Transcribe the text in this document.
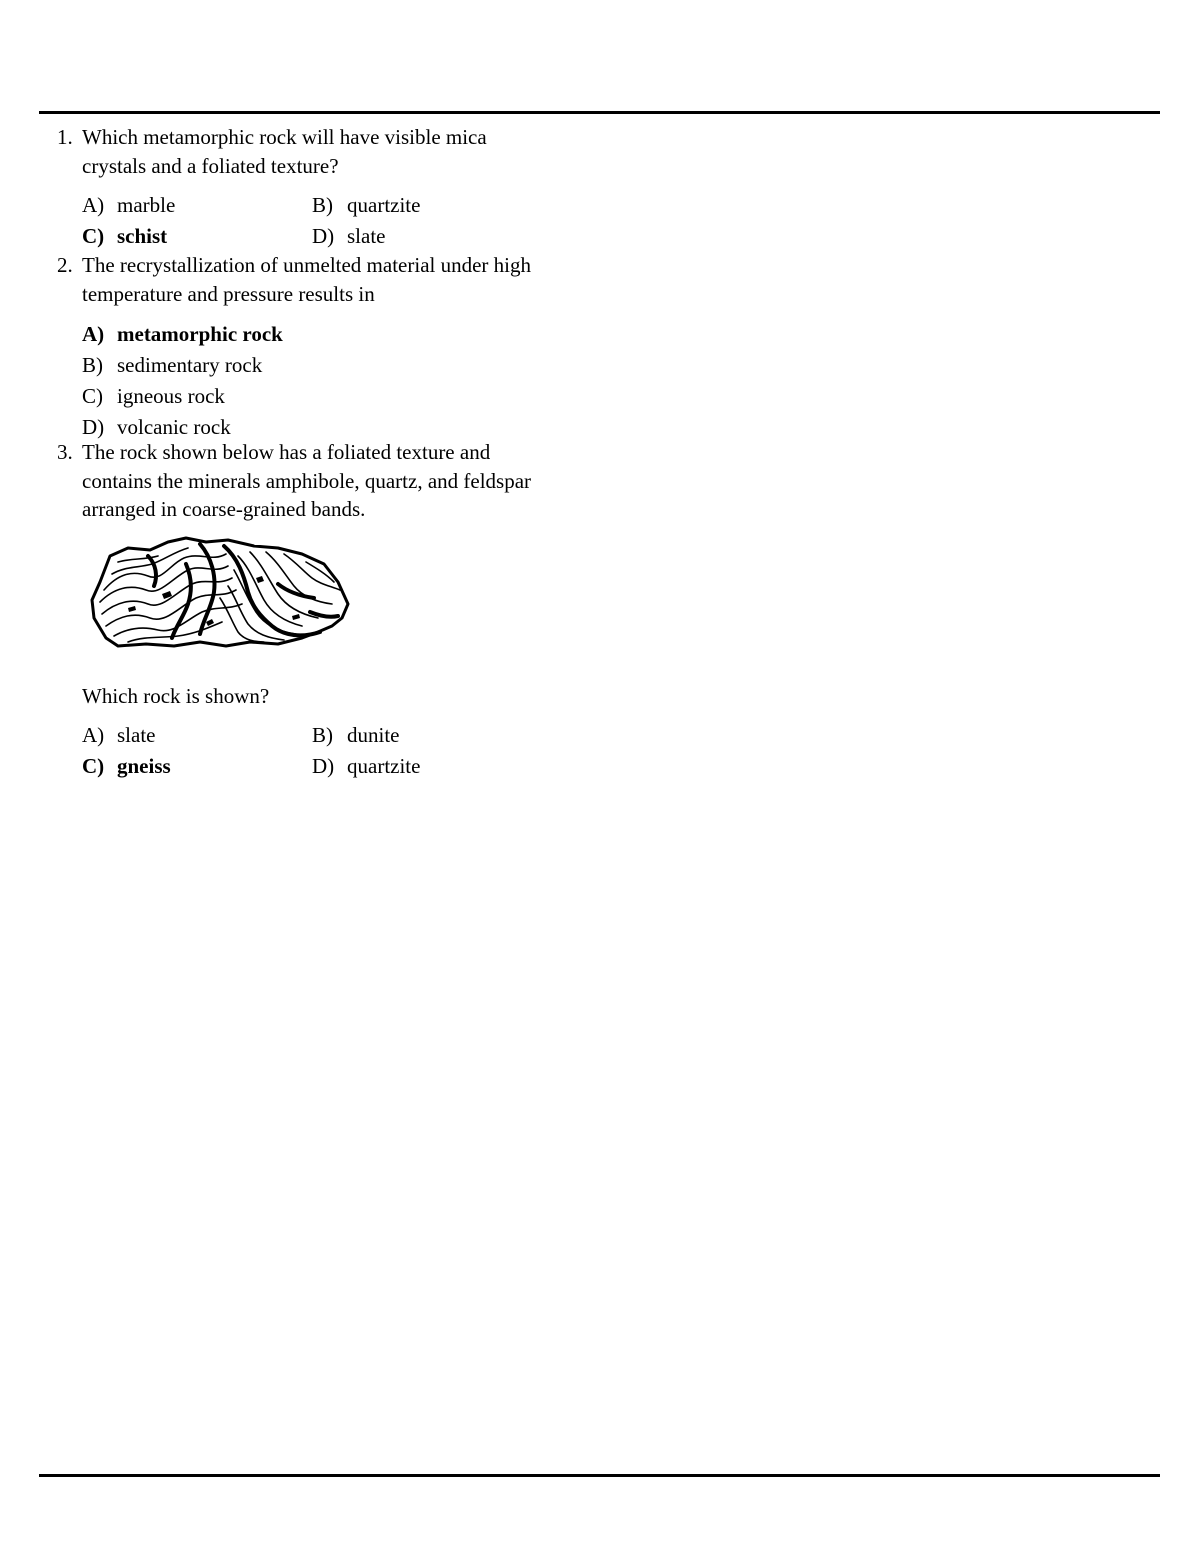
1. Which metamorphic rock will have visible mica
crystals and a foliated texture?
A) marble	B) quartzite
C) schist	D) slate
2. The recrystallization of unmelted material under high
temperature and pressure results in
A) metamorphic rock
B) sedimentary rock
C) igneous rock
D) volcanic rock
3. The rock shown below has a foliated texture and
contains the minerals amphibole, quartz, and feldspar
arranged in coarse-grained bands.
Which rock is shown?
A) slate	B) dunite
C) gneiss	D) quartzite
